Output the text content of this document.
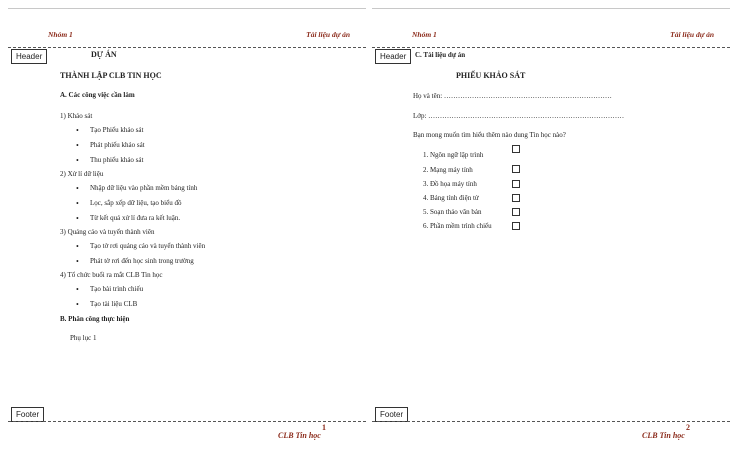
Nhóm 1	Tài liệu dự án
Header	DỰ ÁN
THÀNH LẬP CLB TIN HỌC
A. Các công việc cần làm
1) Khảo sát
• Tạo Phiếu khảo sát
• Phát phiếu khảo sát
• Thu phiếu khảo sát
2) Xử lí dữ liệu
• Nhập dữ liệu vào phần mềm bảng tính
• Lọc, sắp xếp dữ liệu, tạo biểu đồ
• Từ kết quả xử lí đưa ra kết luận.
3) Quảng cáo và tuyển thành viên
• Tạo tờ rơi quảng cáo và tuyển thành viên
• Phát tờ rơi đến học sinh trong trường
4) Tổ chức buổi ra mắt CLB Tin học
• Tạo bài trình chiếu
• Tạo tài liệu CLB
B. Phân công thực hiện
Phụ lục 1
Footer
1
CLB Tin học
Nhóm 1	Tài liệu dự án
Header	C. Tài liệu dự án
PHIẾU KHẢO SÁT
Họ và tên: ………………………………………………………………
Lớp: …………………………………………………………………………
Bạn mong muốn tìm hiểu thêm nào dung Tin học nào?
1. Ngôn ngữ lập trình
2. Mạng máy tính
3. Đồ họa máy tính
4. Bảng tính điện tử
5. Soạn thảo văn bản
6. Phần mềm trình chiếu
Footer
2
CLB Tin học
